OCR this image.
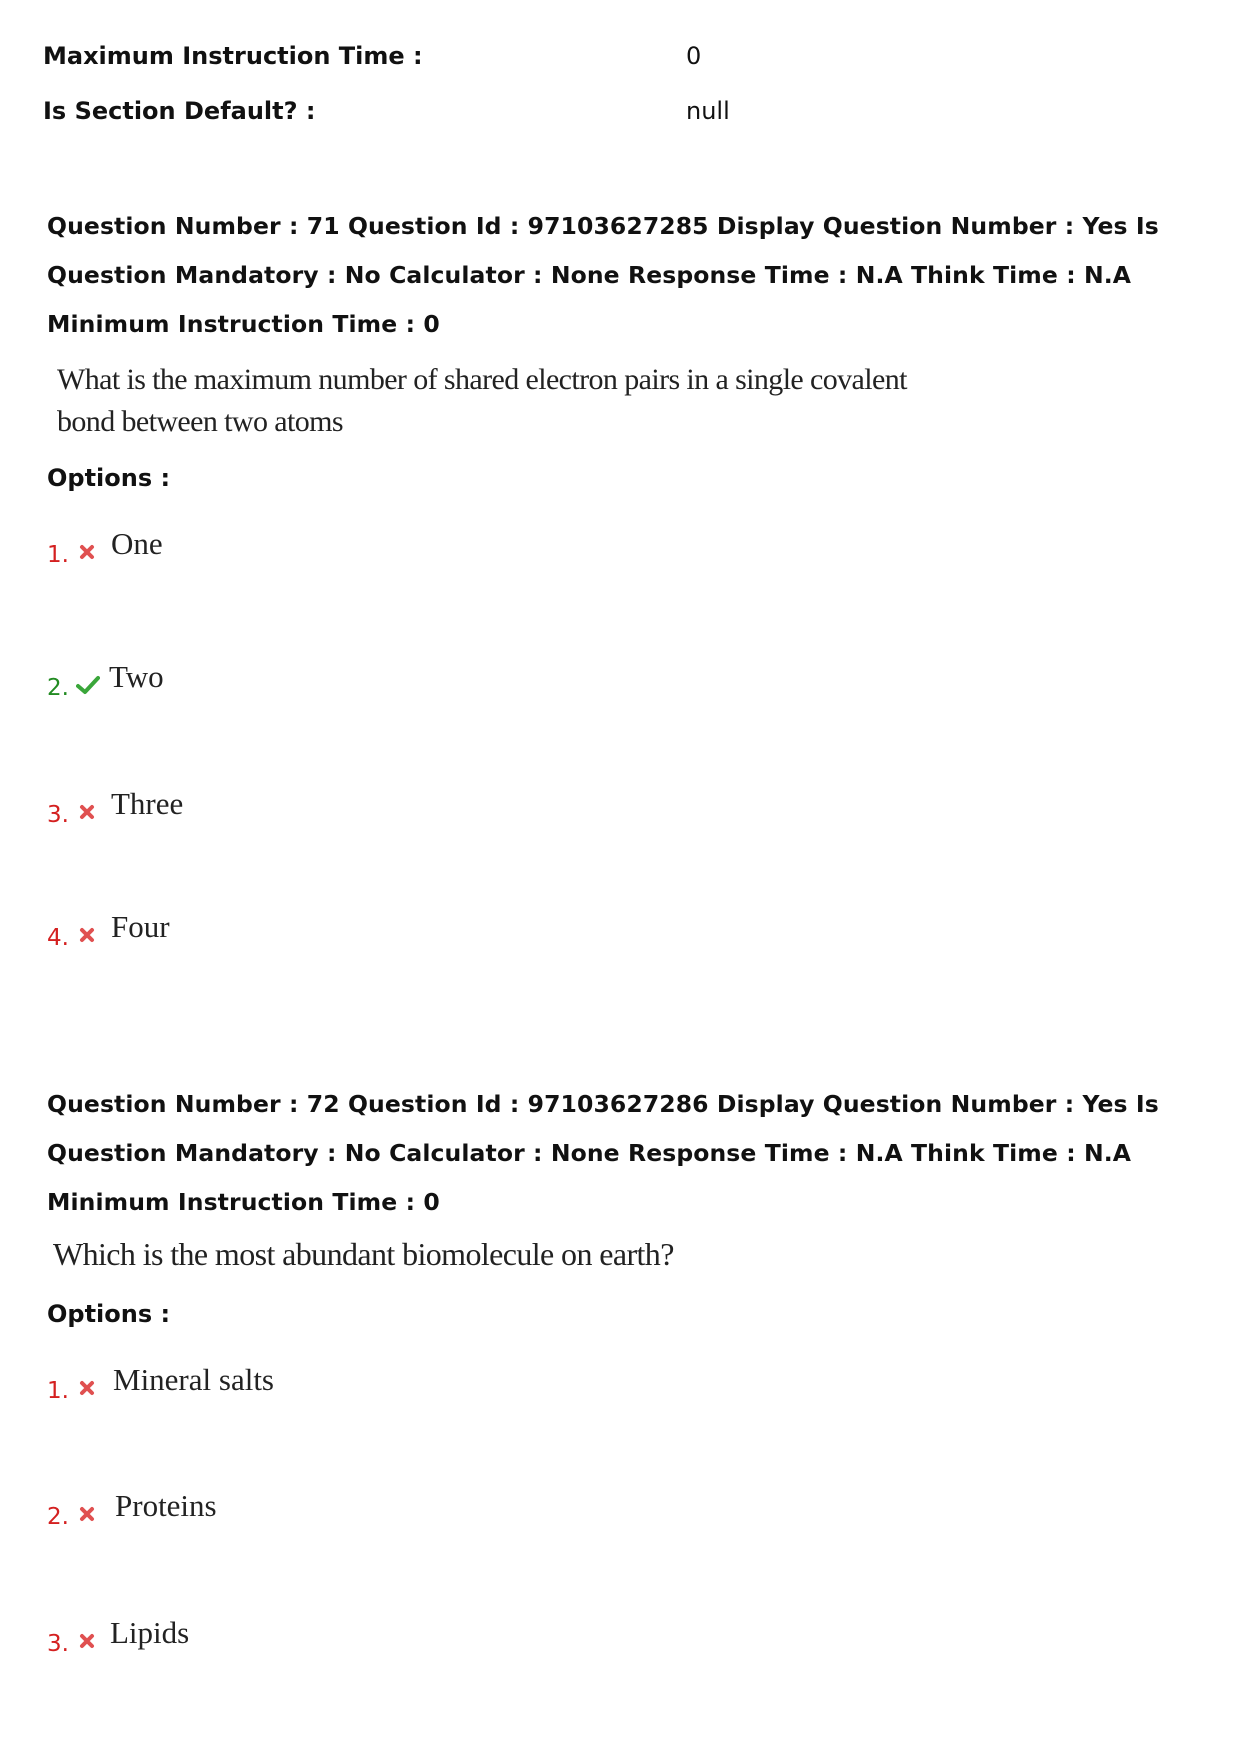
Maximum Instruction Time :	0
Is Section Default? :	null
Question Number : 71 Question Id : 97103627285 Display Question Number : Yes Is Question Mandatory : No Calculator : None Response Time : N.A Think Time : N.A Minimum Instruction Time : 0
What is the maximum number of shared electron pairs in a single covalent bond between two atoms
Options :
1. One
2. Two
3. Three
4. Four
Question Number : 72 Question Id : 97103627286 Display Question Number : Yes Is Question Mandatory : No Calculator : None Response Time : N.A Think Time : N.A Minimum Instruction Time : 0
Which is the most abundant biomolecule on earth?
Options :
1. Mineral salts
2. Proteins
3. Lipids
